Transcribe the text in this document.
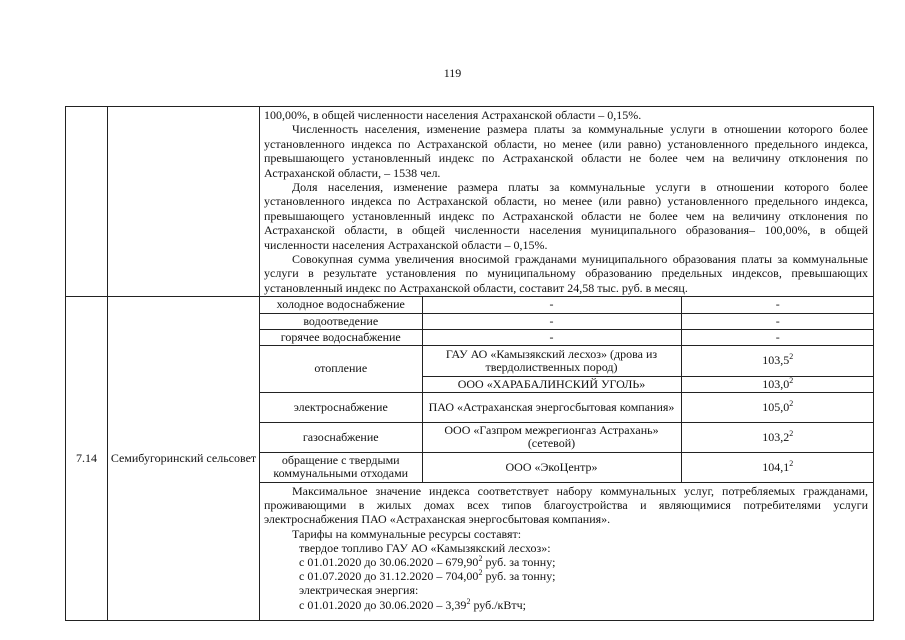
119

100,00%, в общей численности населения Астраханской области – 0,15%.

Численность населения, изменение размера платы за коммунальные услуги в отношении которого более установленного индекса по Астраханской области, но менее (или равно) установленного предельного индекса, превышающего установленный индекс по Астраханской области не более чем на величину отклонения по Астраханской области, – 1538 чел.

Доля населения, изменение размера платы за коммунальные услуги в отношении которого более установленного индекса по Астраханской области, но менее (или равно) установленного предельного индекса, превышающего установленный индекс по Астраханской области не более чем на величину отклонения по Астраханской области, в общей численности населения муниципального образования– 100,00%, в общей численности населения Астраханской области – 0,15%.

Совокупная сумма увеличения вносимой гражданами муниципального образования платы за коммунальные услуги в результате установления по муниципальному образованию предельных индексов, превышающих установленный индекс по Астраханской области, составит 24,58 тыс. руб. в месяц.

7.14	Семибугоринский сельсовет	
холодное водоснабжение	-	-
водоотведение	-	-
горячее водоснабжение	-	-
отопление	ГАУ АО «Камызякский лесхоз» (дрова из твердолиственных пород)	103,5$^2$
ООО «ХАРАБАЛИНСКИЙ УГОЛЬ»	103,0$^2$
электроснабжение	ПАО «Астраханская энергосбытовая компания»	105,0$^2$
газоснабжение	ООО «Газпром межрегионгаз Астрахань» (сетевой)	103,2$^2$
обращение с твердыми коммунальными отходами	ООО «ЭкоЦентр»	104,1$^2$

Максимальное значение индекса соответствует набору коммунальных услуг, потребляемых гражданами, проживающими в жилых домах всех типов благоустройства и являющимися потребителями услуги электроснабжения ПАО «Астраханская энергосбытовая компания».

Тарифы на коммунальные ресурсы составят:

твердое топливо ГАУ АО «Камызякский лесхоз»:

с 01.01.2020 до 30.06.2020 – 679,90$^2$ руб. за тонну;

с 01.07.2020 до 31.12.2020 – 704,00$^2$ руб. за тонну;

электрическая энергия:

с 01.01.2020 до 30.06.2020 – 3,39$^2$ руб./кВтч;
